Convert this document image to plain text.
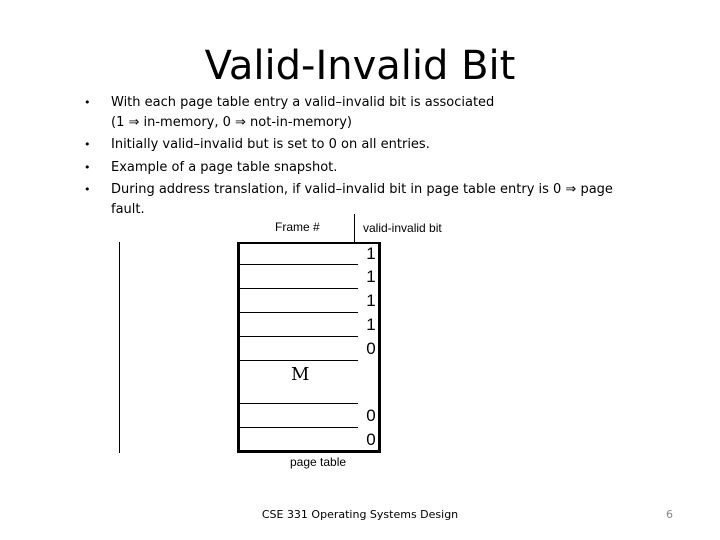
Valid-Invalid Bit
• With each page table entry a valid–invalid bit is associated
(1 ⇒ in-memory, 0 ⇒ not-in-memory)
• Initially valid–invalid but is set to 0 on all entries.
• Example of a page table snapshot.
• During address translation, if valid–invalid bit in page table entry is 0 ⇒ page
fault.
Frame #	valid-invalid bit
1
1
1
1
0
0
0
M
page table
CSE 331 Operating Systems Design	6
